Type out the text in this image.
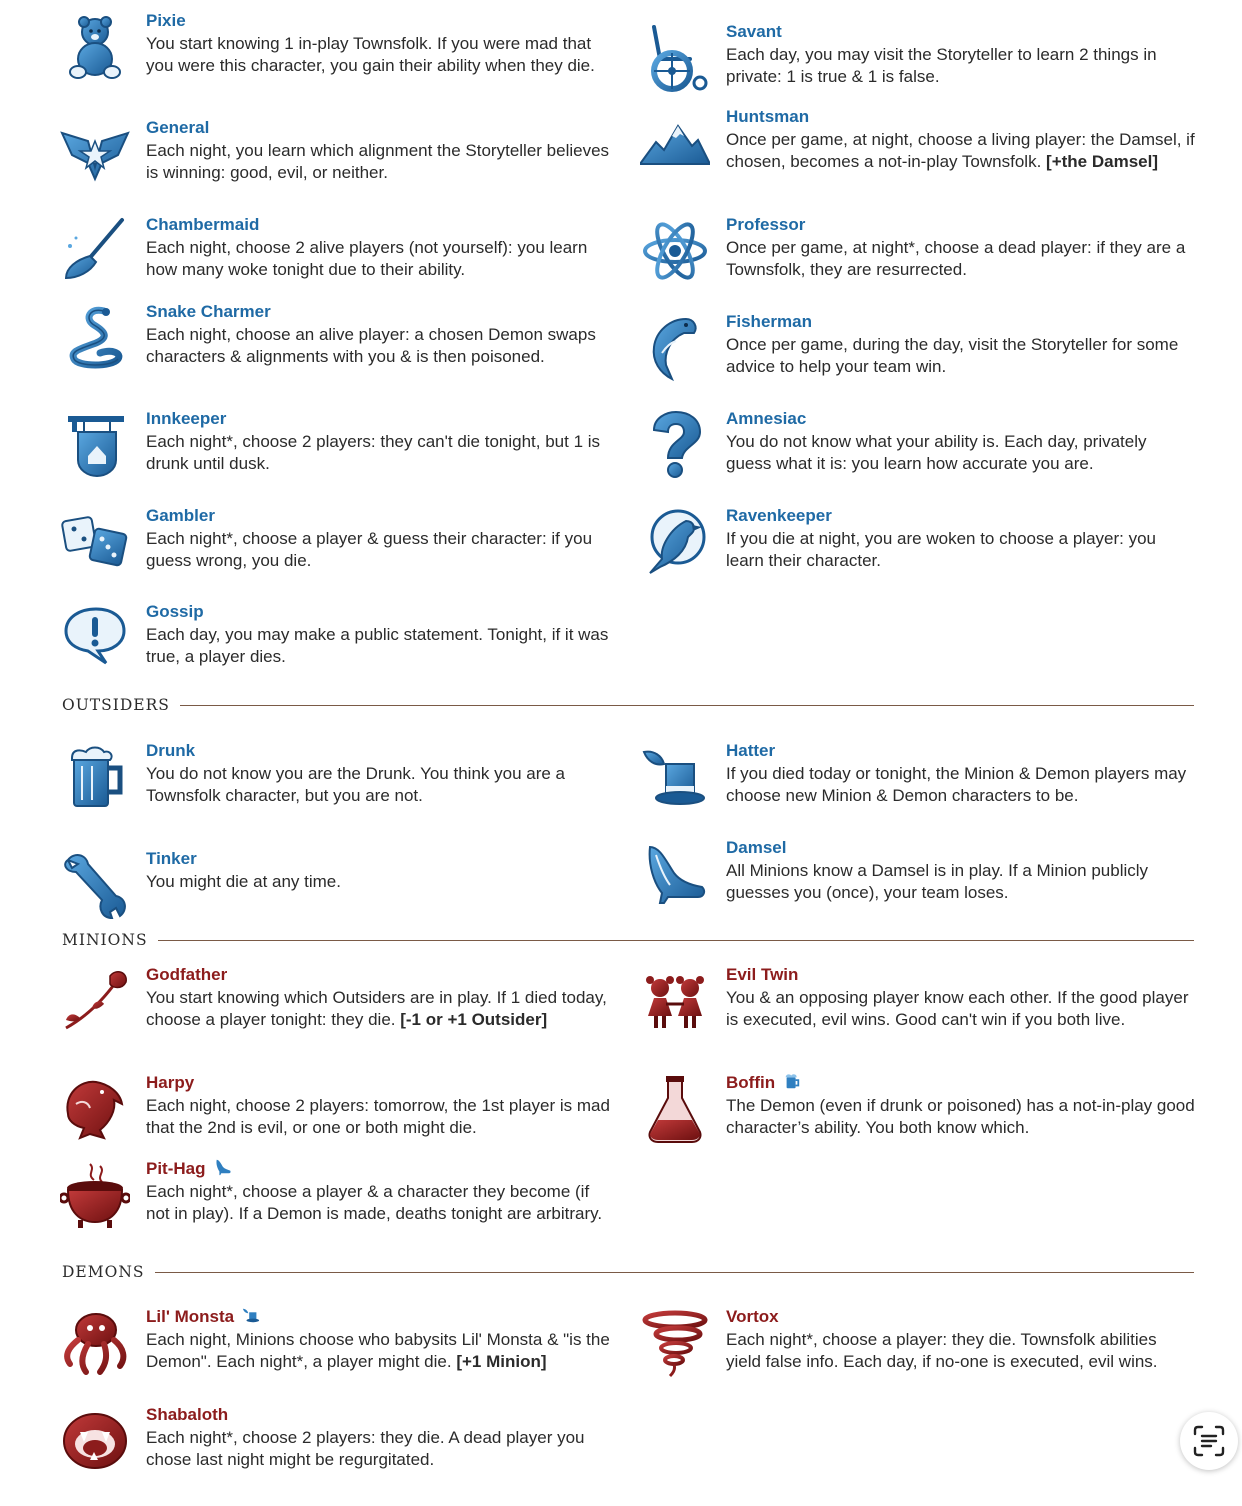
Pixie
You start knowing 1 in-play Townsfolk. If you were mad that you were this character, you gain their ability when they die.
General
Each night, you learn which alignment the Storyteller believes is winning: good, evil, or neither.
Chambermaid
Each night, choose 2 alive players (not yourself): you learn how many woke tonight due to their ability.
Snake Charmer
Each night, choose an alive player: a chosen Demon swaps characters & alignments with you & is then poisoned.
Innkeeper
Each night*, choose 2 players: they can't die tonight, but 1 is drunk until dusk.
Gambler
Each night*, choose a player & guess their character: if you guess wrong, you die.
Gossip
Each day, you may make a public statement. Tonight, if it was true, a player dies.
Savant
Each day, you may visit the Storyteller to learn 2 things in private: 1 is true & 1 is false.
Huntsman
Once per game, at night, choose a living player: the Damsel, if chosen, becomes a not-in-play Townsfolk. [+the Damsel]
Professor
Once per game, at night*, choose a dead player: if they are a Townsfolk, they are resurrected.
Fisherman
Once per game, during the day, visit the Storyteller for some advice to help your team win.
Amnesiac
You do not know what your ability is. Each day, privately guess what it is: you learn how accurate you are.
Ravenkeeper
If you die at night, you are woken to choose a player: you learn their character.
OUTSIDERS
Drunk
You do not know you are the Drunk. You think you are a Townsfolk character, but you are not.
Tinker
You might die at any time.
Hatter
If you died today or tonight, the Minion & Demon players may choose new Minion & Demon characters to be.
Damsel
All Minions know a Damsel is in play. If a Minion publicly guesses you (once), your team loses.
MINIONS
Godfather
You start knowing which Outsiders are in play. If 1 died today, choose a player tonight: they die. [-1 or +1 Outsider]
Harpy
Each night, choose 2 players: tomorrow, the 1st player is mad that the 2nd is evil, or one or both might die.
Pit-Hag
Each night*, choose a player & a character they become (if not in play). If a Demon is made, deaths tonight are arbitrary.
Evil Twin
You & an opposing player know each other. If the good player is executed, evil wins. Good can't win if you both live.
Boffin
The Demon (even if drunk or poisoned) has a not-in-play good character’s ability. You both know which.
DEMONS
Lil' Monsta
Each night, Minions choose who babysits Lil' Monsta & "is the Demon". Each night*, a player might die. [+1 Minion]
Shabaloth
Each night*, choose 2 players: they die. A dead player you chose last night might be regurgitated.
Vortox
Each night*, choose a player: they die. Townsfolk abilities yield false info. Each day, if no-one is executed, evil wins.
